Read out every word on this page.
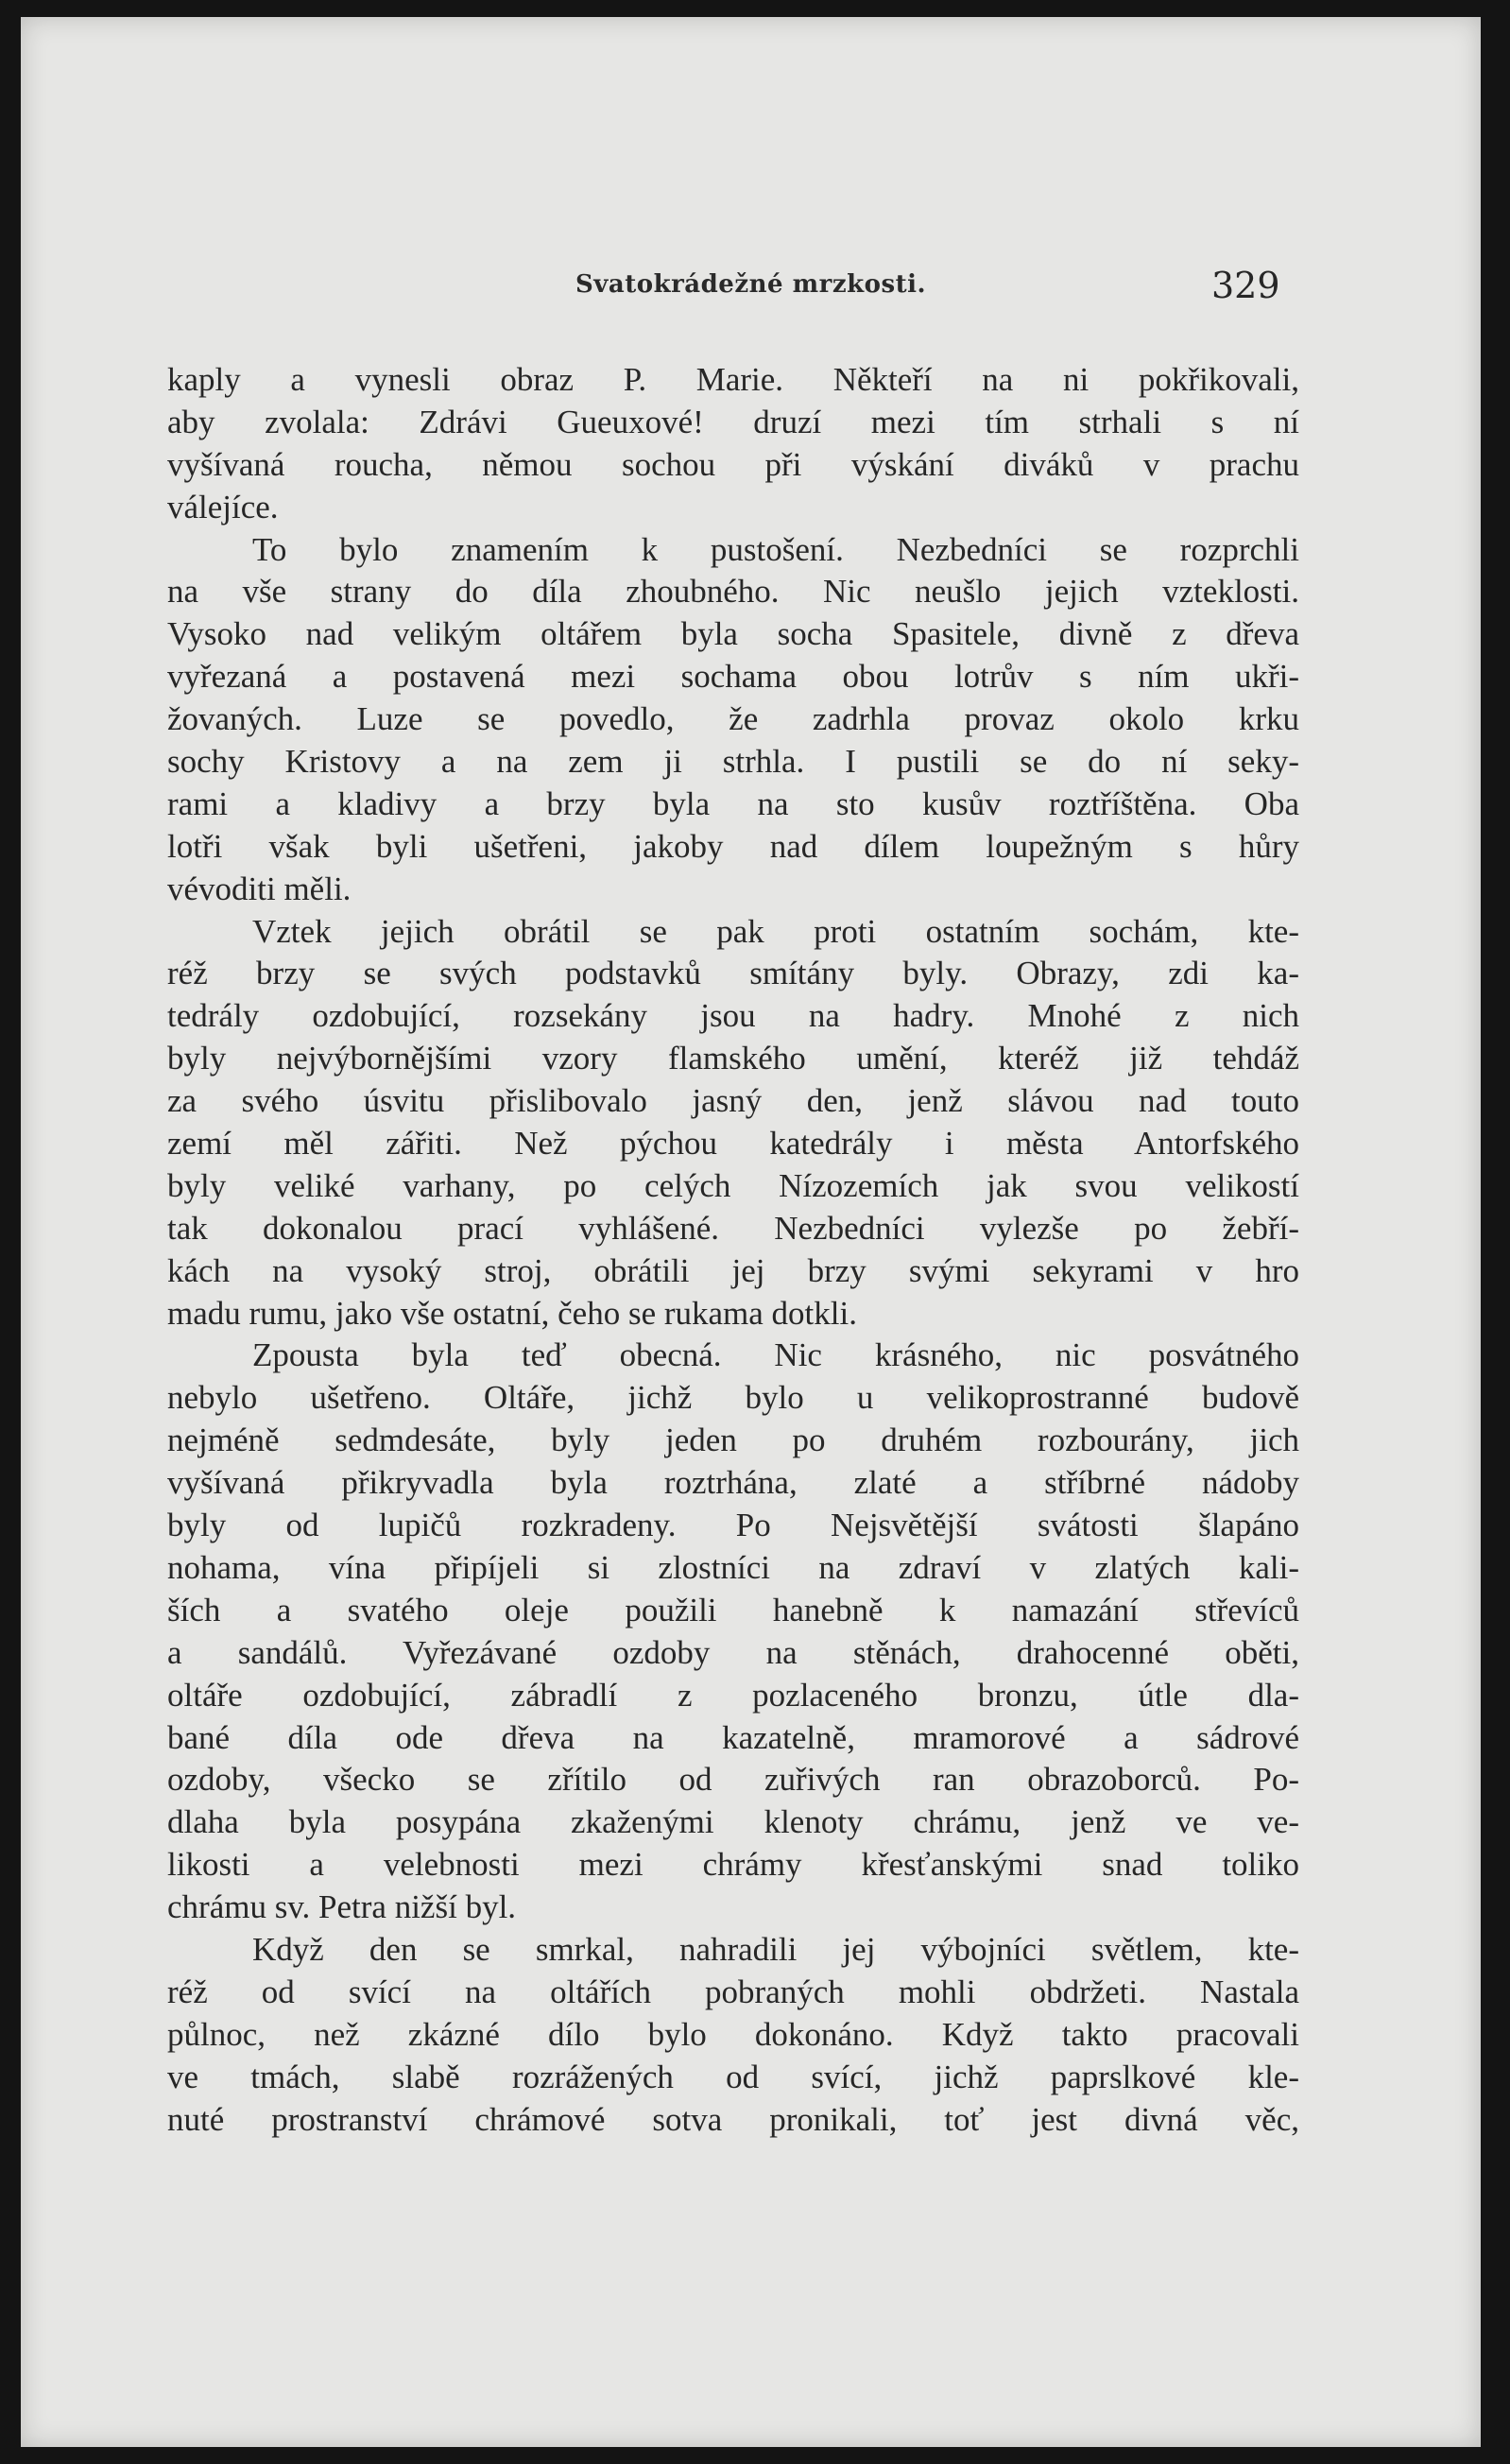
Svatokrádežné mrzkosti.	329
kaply a vynesli obraz P. Marie. Někteří na ni pokřikovali,
aby zvolala: Zdrávi Gueuxové! druzí mezi tím strhali s ní
vyšívaná roucha, němou sochou při výskání diváků v prachu
válejíce.
To bylo znamením k pustošení. Nezbedníci se rozprchli
na vše strany do díla zhoubného. Nic neušlo jejich vzteklosti.
Vysoko nad velikým oltářem byla socha Spasitele, divně z dřeva
vyřezaná a postavená mezi sochama obou lotrův s ním ukři-
žovaných. Luze se povedlo, že zadrhla provaz okolo krku
sochy Kristovy a na zem ji strhla. I pustili se do ní seky-
rami a kladivy a brzy byla na sto kusův roztříštěna. Oba
lotři však byli ušetřeni, jakoby nad dílem loupežným s hůry
vévoditi měli.
Vztek jejich obrátil se pak proti ostatním sochám, kte-
réž brzy se svých podstavků smítány byly. Obrazy, zdi ka-
tedrály ozdobující, rozsekány jsou na hadry. Mnohé z nich
byly nejvýbornějšími vzory flamského umění, kteréž již tehdáž
za svého úsvitu přislibovalo jasný den, jenž slávou nad touto
zemí měl zářiti. Než pýchou katedrály i města Antorfského
byly veliké varhany, po celých Nízozemích jak svou velikostí
tak dokonalou prací vyhlášené. Nezbedníci vylezše po žebří-
kách na vysoký stroj, obrátili jej brzy svými sekyrami v hro
madu rumu, jako vše ostatní, čeho se rukama dotkli.
Zpousta byla teď obecná. Nic krásného, nic posvátného
nebylo ušetřeno. Oltáře, jichž bylo u velikoprostranné budově
nejméně sedmdesáte, byly jeden po druhém rozbourány, jich
vyšívaná přikryvadla byla roztrhána, zlaté a stříbrné nádoby
byly od lupičů rozkradeny. Po Nejsvětější svátosti šlapáno
nohama, vína připíjeli si zlostníci na zdraví v zlatých kali-
ších a svatého oleje použili hanebně k namazání střevíců
a sandálů. Vyřezávané ozdoby na stěnách, drahocenné oběti,
oltáře ozdobující, zábradlí z pozlaceného bronzu, útle dla-
bané díla ode dřeva na kazatelně, mramorové a sádrové
ozdoby, všecko se zřítilo od zuřivých ran obrazoborců. Po-
dlaha byla posypána zkaženými klenoty chrámu, jenž ve ve-
likosti a velebnosti mezi chrámy křesťanskými snad toliko
chrámu sv. Petra nižší byl.
Když den se smrkal, nahradili jej výbojníci světlem, kte-
réž od svící na oltářích pobraných mohli obdržeti. Nastala
půlnoc, než zkázné dílo bylo dokonáno. Když takto pracovali
ve tmách, slabě rozrážených od svící, jichž paprslkové kle-
nuté prostranství chrámové sotva pronikali, toť jest divná věc,
